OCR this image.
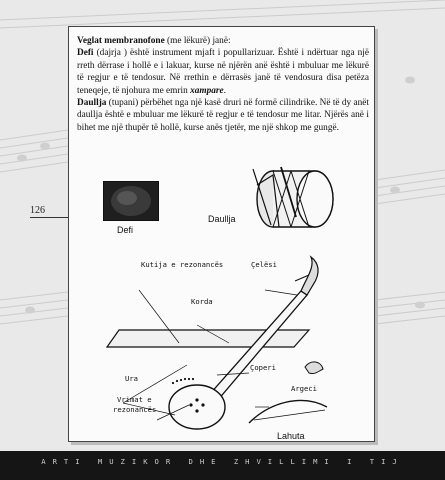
126

Veglat membranofone (me lëkurë) janë:

Defi (dajrja ) është instrument mjaft i popullarizuar. Është i ndërtuar nga një rreth dërrase i hollë e i lakuar, kurse në njërën anë është i mbuluar me lëkurë të regjur e të tendosur. Në rrethin e dërrasës janë të vendosura disa petëza teneqeje, të njohura me emrin xampare.

Daullja (tupani) përbëhet nga një kasë druri në formë cilindrike. Në të dy anët daullja është e mbuluar me lëkurë të regjur e të tendosur me litar. Njërës anë i bihet me një thupër të hollë, kurse anës tjetër, me një shkop me gungë.

Defi
Daullja
Kutija e rezonancës	Çelësi
Korda
Ura
Vrimat e
rezonancës
Çoperi
Argeci
Lahuta
ARTI MUZIKOR DHE ZHVILLIMI I TIJ
